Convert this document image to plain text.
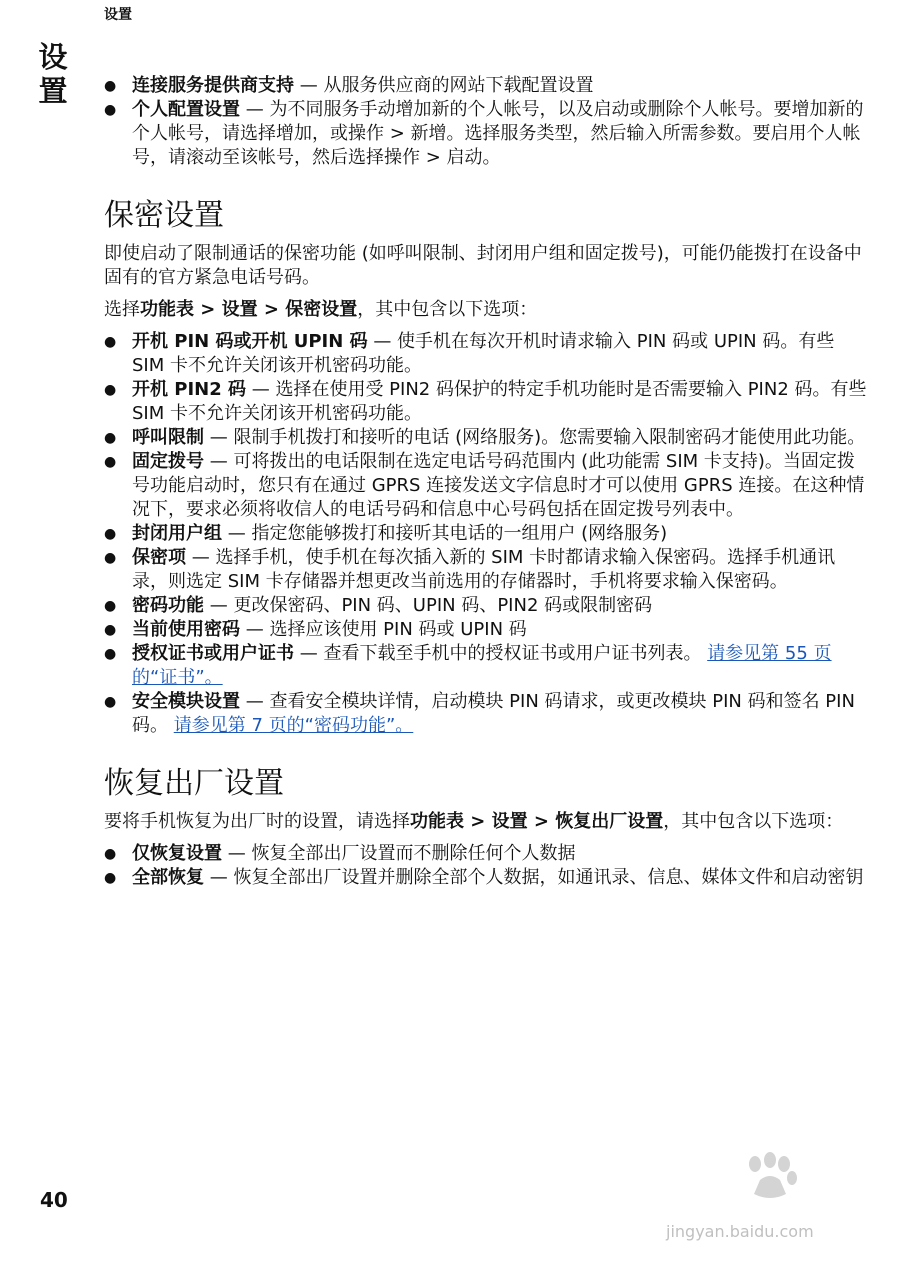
设置
设
置
●	连接服务提供商支持 — 从服务供应商的网站下载配置设置
● 个人配置设置 — 为不同服务手动增加新的个人帐号，以及启动或删除个人帐号。要增加新的个人帐号，请选择增加，或操作 > 新增。选择服务类型，然后输入所需参数。要启用个人帐号，请滚动至该帐号，然后选择操作 > 启动。
保密设置

即使启动了限制通话的保密功能 (如呼叫限制、封闭用户组和固定拨号)，可能仍能拨打在设备中固有的官方紧急电话号码。

选择功能表 > 设置 > 保密设置，其中包含以下选项：

● 开机 PIN 码或开机 UPIN 码 — 使手机在每次开机时请求输入 PIN 码或 UPIN 码。有些 SIM 卡不允许关闭该开机密码功能。
● 开机 PIN2 码 — 选择在使用受 PIN2 码保护的特定手机功能时是否需要输入 PIN2 码。有些 SIM 卡不允许关闭该开机密码功能。
● 呼叫限制 — 限制手机拨打和接听的电话 (网络服务)。您需要输入限制密码才能使用此功能。
● 固定拨号 — 可将拨出的电话限制在选定电话号码范围内 (此功能需 SIM 卡支持)。当固定拨号功能启动时，您只有在通过 GPRS 连接发送文字信息时才可以使用 GPRS 连接。在这种情况下，要求必须将收信人的电话号码和信息中心号码包括在固定拨号列表中。
● 封闭用户组 — 指定您能够拨打和接听其电话的一组用户 (网络服务)
● 保密项 — 选择手机，使手机在每次插入新的 SIM 卡时都请求输入保密码。选择手机通讯录，则选定 SIM 卡存储器并想更改当前选用的存储器时，手机将要求输入保密码。
● 密码功能 — 更改保密码、PIN 码、UPIN 码、PIN2 码或限制密码
● 当前使用密码 — 选择应该使用 PIN 码或 UPIN 码
● 授权证书或用户证书 — 查看下载至手机中的授权证书或用户证书列表。 请参见第 55 页的“证书”。
● 安全模块设置 — 查看安全模块详情，启动模块 PIN 码请求，或更改模块 PIN 码和签名 PIN 码。 请参见第 7 页的“密码功能”。
恢复出厂设置

要将手机恢复为出厂时的设置，请选择功能表 > 设置 > 恢复出厂设置，其中包含以下选项：

● 仅恢复设置 — 恢复全部出厂设置而不删除任何个人数据
● 全部恢复 — 恢复全部出厂设置并删除全部个人数据，如通讯录、信息、媒体文件和启动密钥
40
jingyan.baidu.com
